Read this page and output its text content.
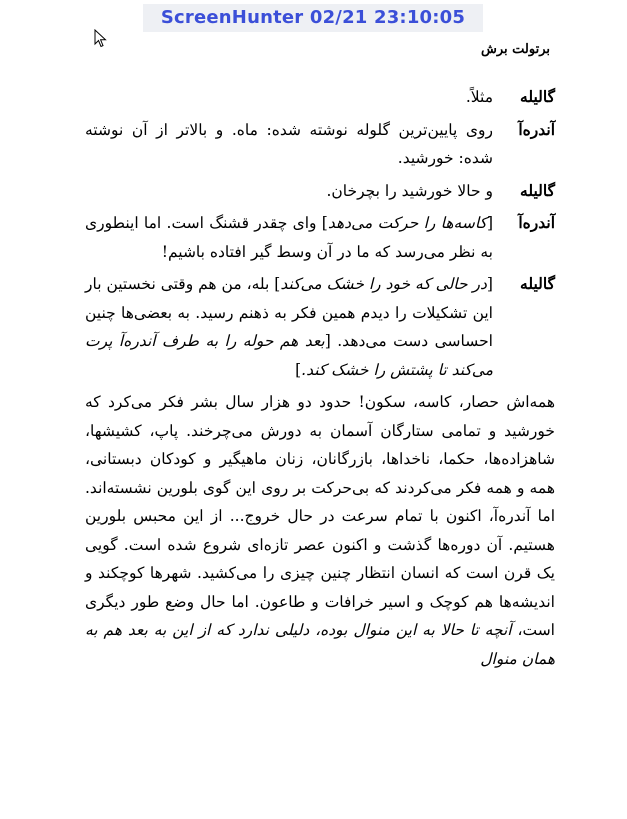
ScreenHunter 02/21 23:10:05
برتولت برش
گالیله
مثلاً.
آندره‌آ
روی پایین‌ترین گلوله نوشته شده: ماه. و بالاتر از آن نوشته شده: خورشید.
گالیله
و حالا خورشید را بچرخان.
آندره‌آ
[کاسه‌ها را حرکت می‌دهد] وای چقدر قشنگ است. اما اینطوری به نظر می‌رسد که ما در آن وسط گیر افتاده باشیم!
گالیله
[در حالی که خود را خشک می‌کند] بله، من هم وقتی نخستین بار این تشکیلات را دیدم همین فکر به ذهنم رسید. به بعضی‌ها چنین احساسی دست می‌دهد. [بعد هم حوله را به طرف آندره‌آ پرت می‌کند تا پشتش را خشک کند.]
همه‌اش حصار، کاسه، سکون! حدود دو هزار سال بشر فکر می‌کرد که خورشید و تمامی ستارگان آسمان به دورش می‌چرخند. پاپ، کشیشها، شاهزاده‌ها، حکما، ناخداها، بازرگانان، زنان ماهیگیر و کودکان دبستانی، همه و همه فکر می‌کردند که بی‌حرکت بر روی این گوی بلورین نشسته‌اند. اما آندره‌آ، اکنون با تمام سرعت در حال خروج... از این محبس بلورین هستیم. آن دوره‌ها گذشت و اکنون عصر تازه‌ای شروع شده است. گویی یک قرن است که انسان انتظار چنین چیزی را می‌کشید. شهرها کوچکند و اندیشه‌ها هم کوچک و اسیر خرافات و طاعون. اما حال وضع طور دیگری است، آنچه تا حالا به این منوال بوده، دلیلی ندارد که از این به بعد هم به همان منوال
